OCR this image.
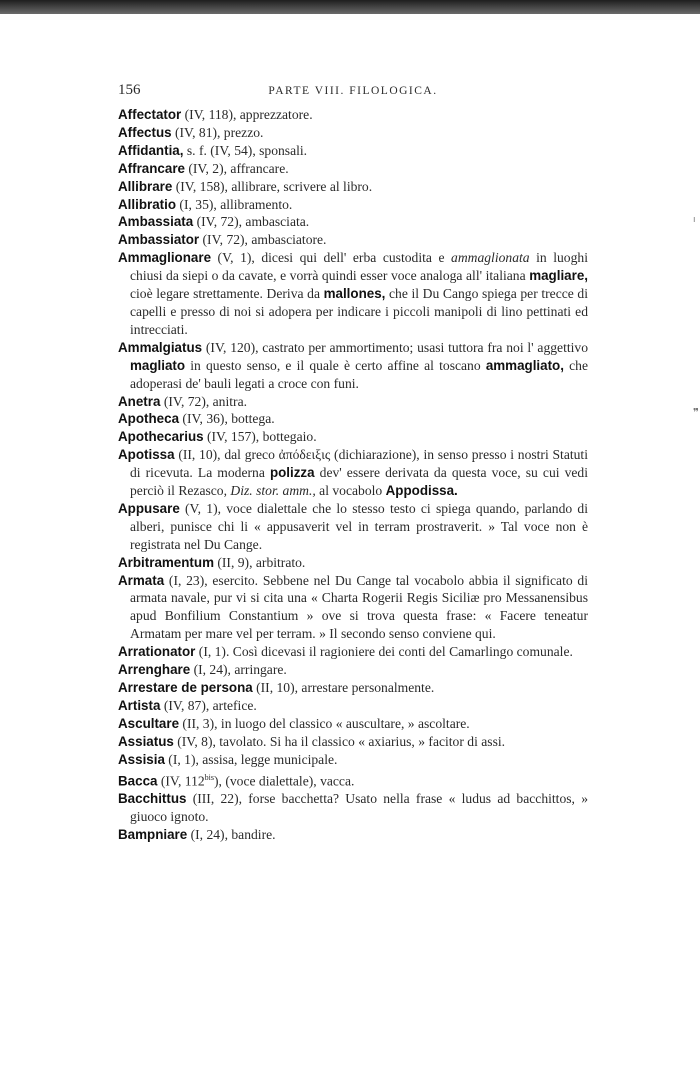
ı
❞
156	PARTE VIII. FILOLOGICA.

Affectator (IV, 118), apprezzatore.

Affectus (IV, 81), prezzo.

Affidantia, s. f. (IV, 54), sponsali.

Affrancare (IV, 2), affrancare.

Allibrare (IV, 158), allibrare, scrivere al libro.

Allibratio (I, 35), allibramento.

Ambassiata (IV, 72), ambasciata.

Ambassiator (IV, 72), ambasciatore.

Ammaglionare (V, 1), dicesi qui dell' erba custodita e ammaglionata in luoghi chiusi da siepi o da cavate, e vorrà quindi esser voce analoga all' italiana magliare, cioè legare strettamente. Deriva da mallones, che il Du Cango spiega per trecce di capelli e presso di noi si adopera per indicare i piccoli manipoli di lino pettinati ed intrecciati.

Ammalgiatus (IV, 120), castrato per ammortimento; usasi tuttora fra noi l' aggettivo magliato in questo senso, e il quale è certo affine al toscano ammagliato, che adoperasi de' bauli legati a croce con funi.

Anetra (IV, 72), anitra.

Apotheca (IV, 36), bottega.

Apothecarius (IV, 157), bottegaio.

Apotissa (II, 10), dal greco ἀπόδειξις (dichiarazione), in senso presso i nostri Statuti di ricevuta. La moderna polizza dev' essere derivata da questa voce, su cui vedi perciò il Rezasco, Diz. stor. amm., al vocabolo Appodissa.

Appusare (V, 1), voce dialettale che lo stesso testo ci spiega quando, parlando di alberi, punisce chi li « appusaverit vel in terram prostraverit. » Tal voce non è registrata nel Du Cange.

Arbitramentum (II, 9), arbitrato.

Armata (I, 23), esercito. Sebbene nel Du Cange tal vocabolo abbia il significato di armata navale, pur vi si cita una « Charta Rogerii Regis Siciliæ pro Messanensibus apud Bonfilium Constantium » ove si trova questa frase: « Facere teneatur Armatam per mare vel per terram. » Il secondo senso conviene qui.

Arrationator (I, 1). Così dicevasi il ragioniere dei conti del Camarlingo comunale.

Arrenghare (I, 24), arringare.

Arrestare de persona (II, 10), arrestare personalmente.

Artista (IV, 87), artefice.

Ascultare (II, 3), in luogo del classico « auscultare, » ascoltare.

Assiatus (IV, 8), tavolato. Si ha il classico « axiarius, » facitor di assi.

Assisia (I, 1), assisa, legge municipale.

Bacca (IV, $112^{bis}$), (voce dialettale), vacca.

Bacchittus (III, 22), forse bacchetta? Usato nella frase « ludus ad bacchittos, » giuoco ignoto.

Bampniare (I, 24), bandire.
